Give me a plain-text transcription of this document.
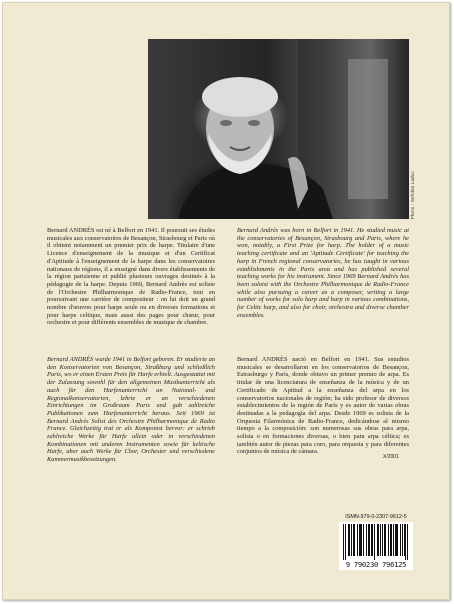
Photo : Sefchin Laduc
Bernard ANDRÈS est né à Belfort en 1941. Il poursuit ses études musicales aux conservatoires de Besançon, Strasbourg et Paris où il obtient notamment un premier prix de harpe. Titulaire d'une Licence d'enseignement de la musique et d'un Certificat d'Aptitude à l'enseignement de la harpe dans les conservatoires nationaux de régions, il a enseigné dans divers établissements de la région parisienne et publié plusieurs ouvrages destinés à la pédagogie de la harpe. Depuis 1969, Bernard Andrès est soliste de l'Orchestre Philharmonique de Radio-France, tout en poursuivant une carrière de compositeur : on lui doit un grand nombre d'œuvres pour harpe seule ou en diverses formations et pour harpe celtique, mais aussi des pages pour chœur, pour orchestre et pour différents ensembles de musique de chambre.
Bernard Andrès was born in Belfort in 1941. He studied music at the conservatories of Besançon, Strasbourg and Paris, where he won, notably, a First Prize for harp. The holder of a music teaching certificate and an 'Aptitude Certificate' for teaching the harp in French regional conservatories, he has taught in various establishments in the Paris area and has published several teaching works for his instrument. Since 1969 Bernard Andrès has been soloist with the Orchestre Philharmonique de Radio-France while also pursuing a career as a composer, writing a large number of works for solo harp and harp in various combinations, for Celtic harp, and also for choir, orchestra and diverse chamber ensembles.
Bernard ANDRÈS wurde 1941 in Belfort geboren. Er studierte an den Konservatorien von Besançon, Straßburg und schließlich Paris, wo er einen Ersten Preis für Harfe erhielt. Ausgestattet mit der Zulassung sowohl für den allgemeinen Musikunterricht als auch für den Harfenunterricht an National- und Regionalkonservatorien, lehrte er an verschiedenen Einrichtungen im Großraum Paris und gab zahlreiche Publikationen zum Harfenunterricht heraus. Seit 1969 ist Bernard Andrès Solist des Orchestre Philharmonique de Radio France. Gleichzeitig trat er als Komponist hervor: er schrieb zahlreiche Werke für Harfe allein oder in verschiedenen Kombinationen mit anderen Instrumenten sowie für keltische Harfe, aber auch Werke für Chor, Orchester und verschiedene Kammermusikbesetzungen.
Bernard ANDRÈS nació en Belfort en 1941. Sus estudios musicales se desarrollaron en los conservatorios de Besançon, Estrasburgo y París, donde obtuvo un primer premio de arpa. Es titular de una licenciatura de enseñanza de la música y de un Certificado de Aptitud a la enseñanza del arpa en los conservatorios nacionales de región; ha sido profesor de diversos establecimientos de la región de París y es autor de varias obras destinadas a la pedagogía del arpa. Desde 1969 es solista de la Orquesta Filarmónica de Radio-France, dedicándose al mismo tiempo a la composición: son numerosas sus obras para arpa, solista o en formaciones diversas, o bien para arpa céltica; es también autor de piezas para coro, para orquesta y para diferentes conjuntos de música de cámara.
X/2001
ISMN-979-0-2307-9612-5
9 790230 796125
